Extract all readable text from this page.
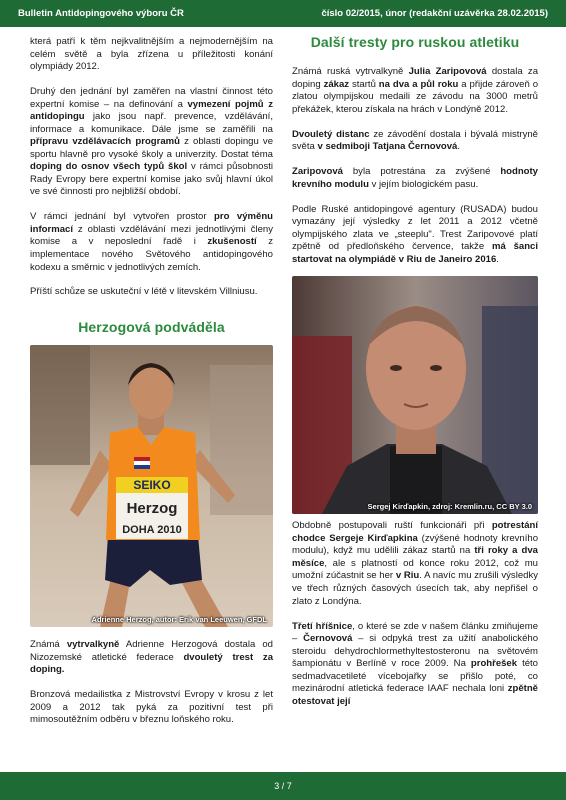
Bulletin Antidopingového výboru ČR	číslo 02/2015, únor (redakční uzávěrka 28.02.2015)

která patří k těm nejkvalitnějším a nejmodernějším na celém světě a byla zřízena u příležitosti konání olympiády 2012.

Druhý den jednání byl zaměřen na vlastní činnost této expertní komise – na definování a vymezení pojmů z antidopingu jako jsou např. prevence, vzdělávání, informace a komunikace. Dále jsme se zaměřili na přípravu vzdělávacích programů z oblasti dopingu ve sportu hlavně pro vysoké školy a univerzity. Dostat téma doping do osnov všech typů škol v rámci působnosti Rady Evropy bere expertní komise jako svůj hlavní úkol ve své činnosti pro nejbližší období.

V rámci jednání byl vytvořen prostor pro výměnu informací z oblasti vzdělávání mezi jednotlivými členy komise a v neposlední řadě i zkušeností z implementace nového Světového antidopingového kodexu a směrnic v jednotlivých zemích.

Příští schůze se uskuteční v létě v litevském Villniusu.

Herzogová podváděla
SEIKO
Herzog
DOHA 2010
Adrienne Herzog, autor: Erik van Leeuwen, GFDL

Známá vytrvalkyně Adrienne Herzogová dostala od Nizozemské atletické federace dvouletý trest za doping.

Bronzová medailistka z Mistrovství Evropy v krosu z let 2009 a 2012 tak pyká za pozitivní test při mimosoutěžním odběru v březnu loňského roku.

Další tresty pro ruskou atletiku

Známá ruská vytrvalkyně Julia Zaripovová dostala za doping zákaz startů na dva a půl roku a přijde zároveň o zlatou olympijskou medaili ze závodu na 3000 metrů překážek, kterou získala na hrách v Londýně 2012.

Dvouletý distanc ze závodění dostala i bývalá mistryně světa v sedmiboji Tatjana Černovová.

Zaripovová byla potrestána za zvýšené hodnoty krevního modulu v jejím biologickém pasu.

Podle Ruské antidopingové agentury (RUSADA) budou vymazány její výsledky z let 2011 a 2012 včetně olympijského zlata ve „steeplu". Trest Zaripovové platí zpětně od předloňského července, takže má šanci startovat na olympiádě v Riu de Janeiro 2016.

Sergej Kirďapkin, zdroj: Kremlin.ru, CC BY 3.0

Obdobně postupovali ruští funkcionáři při potrestání chodce Sergeje Kirďapkina (zvýšené hodnoty krevního modulu), když mu udělili zákaz startů na tři roky a dva měsíce, ale s platností od konce roku 2012, což mu umožní zúčastnit se her v Riu. A navíc mu zrušili výsledky ve třech různých časových úsecích tak, aby nepřišel o zlato z Londýna.

Třetí hříšnice, o které se zde v našem článku zmiňujeme – Černovová – si odpyká trest za užití anabolického steroidu dehydrochlormethyltestosteronu na světovém šampionátu v Berlíně v roce 2009. Na prohřešek této sedmadvacetileté vícebojařky se přišlo poté, co mezinárodní atletická federace IAAF nechala loni zpětně otestovat její

3 / 7
